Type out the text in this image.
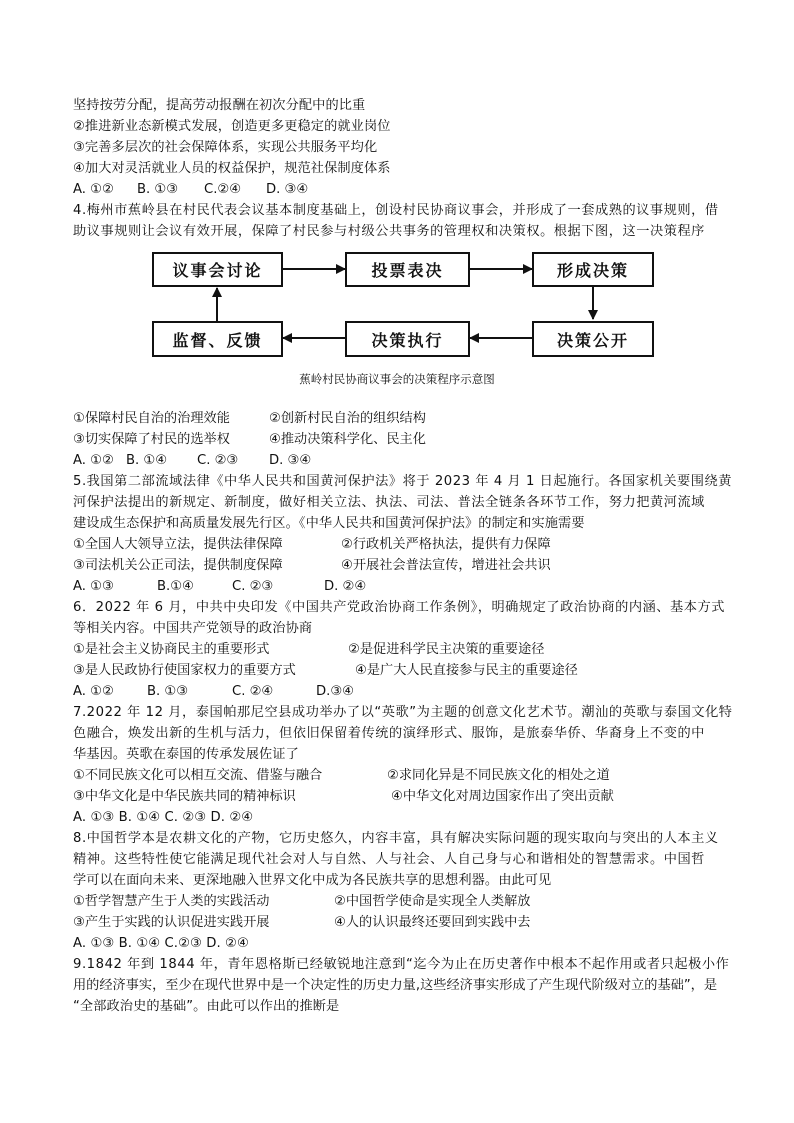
坚持按劳分配，提高劳动报酬在初次分配中的比重
②推进新业态新模式发展，创造更多更稳定的就业岗位
③完善多层次的社会保障体系，实现公共服务平均化
④加大对灵活就业人员的权益保护，规范社保制度体系
A. ①② B. ①③ C.②④ D. ③④
4.梅州市蕉岭县在村民代表会议基本制度基础上，创设村民协商议事会，并形成了一套成熟的议事规则，借
助议事规则让会议有效开展，保障了村民参与村级公共事务的管理权和决策权。根据下图，这一决策程序
议事会讨论	投票表决	形成决策
决策公开
决策执行
监督、反馈
蕉岭村民协商议事会的决策程序示意图
①保障村民自治的治理效能	②创新村民自治的组织结构
③切实保障了村民的选举权	④推动决策科学化、民主化
A. ①② B. ①④ C. ②③ D. ③④
5.我国第二部流域法律《中华人民共和国黄河保护法》将于 2023 年 4 月 1 日起施行。各国家机关要围绕黄
河保护法提出的新规定、新制度，做好相关立法、执法、司法、普法全链条各环节工作，努力把黄河流域
建设成生态保护和高质量发展先行区。《中华人民共和国黄河保护法》的制定和实施需要
①全国人大领导立法，提供法律保障	②行政机关严格执法，提供有力保障
③司法机关公正司法，提供制度保障	④开展社会普法宣传，增进社会共识
A. ①③	B.①④	C. ②③	D. ②④
6．2022 年 6 月，中共中央印发《中国共产党政治协商工作条例》，明确规定了政治协商的内涵、基本方式
等相关内容。中国共产党领导的政治协商
①是社会主义协商民主的重要形式	②是促进科学民主决策的重要途径
③是人民政协行使国家权力的重要方式	④是广大人民直接参与民主的重要途径
A. ①②	B. ①③	C. ②④	D.③④
7.2022 年 12 月，泰国帕那尼空县成功举办了以“英歌”为主题的创意文化艺术节。潮汕的英歌与泰国文化特
色融合，焕发出新的生机与活力，但依旧保留着传统的演绎形式、服饰，是旅泰华侨、华裔身上不变的中
华基因。英歌在泰国的传承发展佐证了
①不同民族文化可以相互交流、借鉴与融合	②求同化异是不同民族文化的相处之道
③中华文化是中华民族共同的精神标识	④中华文化对周边国家作出了突出贡献
A. ①③ B. ①④ C. ②③ D. ②④
8.中国哲学本是农耕文化的产物，它历史悠久，内容丰富，具有解决实际问题的现实取向与突出的人本主义
精神。这些特性使它能满足现代社会对人与自然、人与社会、人自己身与心和谐相处的智慧需求。中国哲
学可以在面向未来、更深地融入世界文化中成为各民族共享的思想利器。由此可见
①哲学智慧产生于人类的实践活动	②中国哲学使命是实现全人类解放
③产生于实践的认识促进实践开展	④人的认识最终还要回到实践中去
A. ①③ B. ①④ C.②③ D. ②④
9.1842 年到 1844 年，青年恩格斯已经敏锐地注意到“迄今为止在历史著作中根本不起作用或者只起极小作
用的经济事实，至少在现代世界中是一个决定性的历史力量,这些经济事实形成了产生现代阶级对立的基础”，是
“全部政治史的基础”。由此可以作出的推断是
